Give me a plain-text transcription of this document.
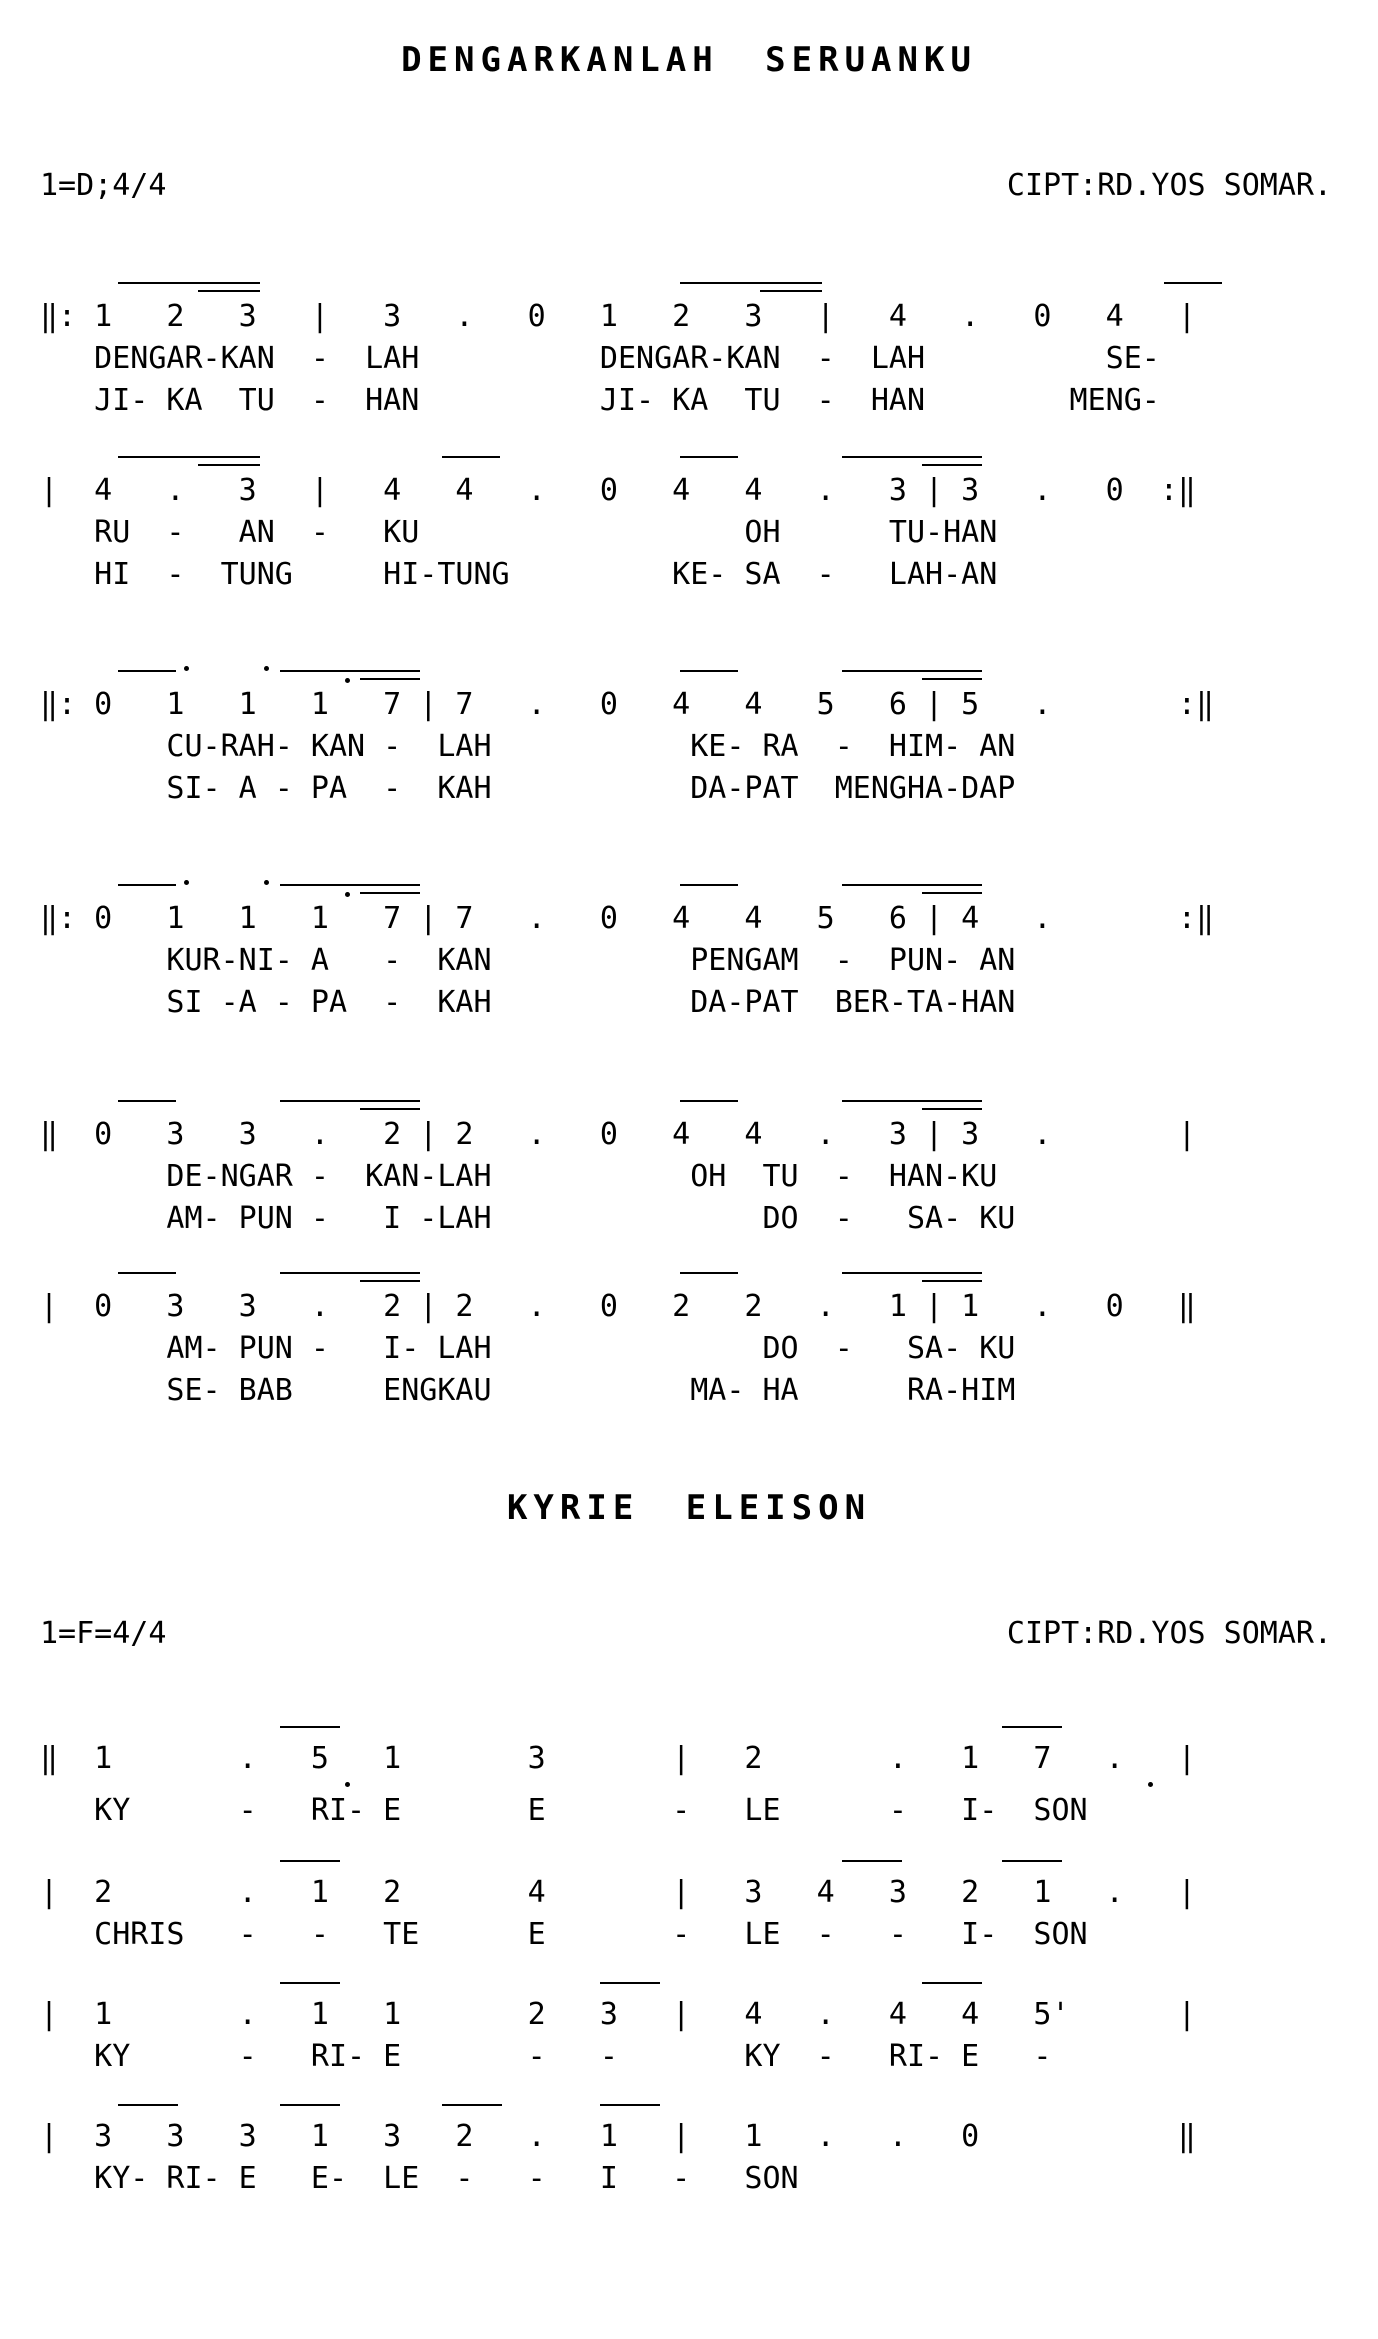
DENGARKANLAH SERUANKU
1=D;4/4	CIPT:RD.YOS SOMAR.
‖: 1   2   3   |   3   .   0   1   2   3   |   4   .   0   4   |
DENGAR-KAN  -  LAH          DENGAR-KAN  -  LAH          SE-
JI- KA  TU  -  HAN          JI- KA  TU  -  HAN        MENG-
|  4   .   3   |   4   4   .   0   4   4   .   3 | 3   .   0  :‖
RU  -   AN  -   KU                  OH      TU-HAN
HI  -  TUNG     HI-TUNG         KE- SA  -   LAH-AN
‖: 0   1   1   1   7 | 7   .   0   4   4   5   6 | 5   .       :‖
CU-RAH- KAN -  LAH           KE- RA  -  HIM- AN
SI- A - PA  -  KAH           DA-PAT  MENGHA-DAP
‖: 0   1   1   1   7 | 7   .   0   4   4   5   6 | 4   .       :‖
KUR-NI- A   -  KAN           PENGAM  -  PUN- AN
SI -A - PA  -  KAH           DA-PAT  BER-TA-HAN
‖  0   3   3   .   2 | 2   .   0   4   4   .   3 | 3   .       |
DE-NGAR -  KAN-LAH           OH  TU  -  HAN-KU
AM- PUN -   I -LAH               DO  -   SA- KU
|  0   3   3   .   2 | 2   .   0   2   2   .   1 | 1   .   0   ‖
AM- PUN -   I- LAH               DO  -   SA- KU
SE- BAB     ENGKAU           MA- HA      RA-HIM
KYRIE ELEISON
1=F=4/4	CIPT:RD.YOS SOMAR.
‖  1       .   5   1       3       |   2       .   1   7   .   |
KY      -   RI- E       E       -   LE      -   I-  SON
|  2       .   1   2       4       |   3   4   3   2   1   .   |
CHRIS   -   -   TE      E       -   LE  -   -   I-  SON
|  1       .   1   1       2   3   |   4   .   4   4   5'      |
KY      -   RI- E       -   -       KY  -   RI- E   -
|  3   3   3   1   3   2   .   1   |   1   .   .   0           ‖
KY- RI- E   E-  LE  -   -   I   -   SON
